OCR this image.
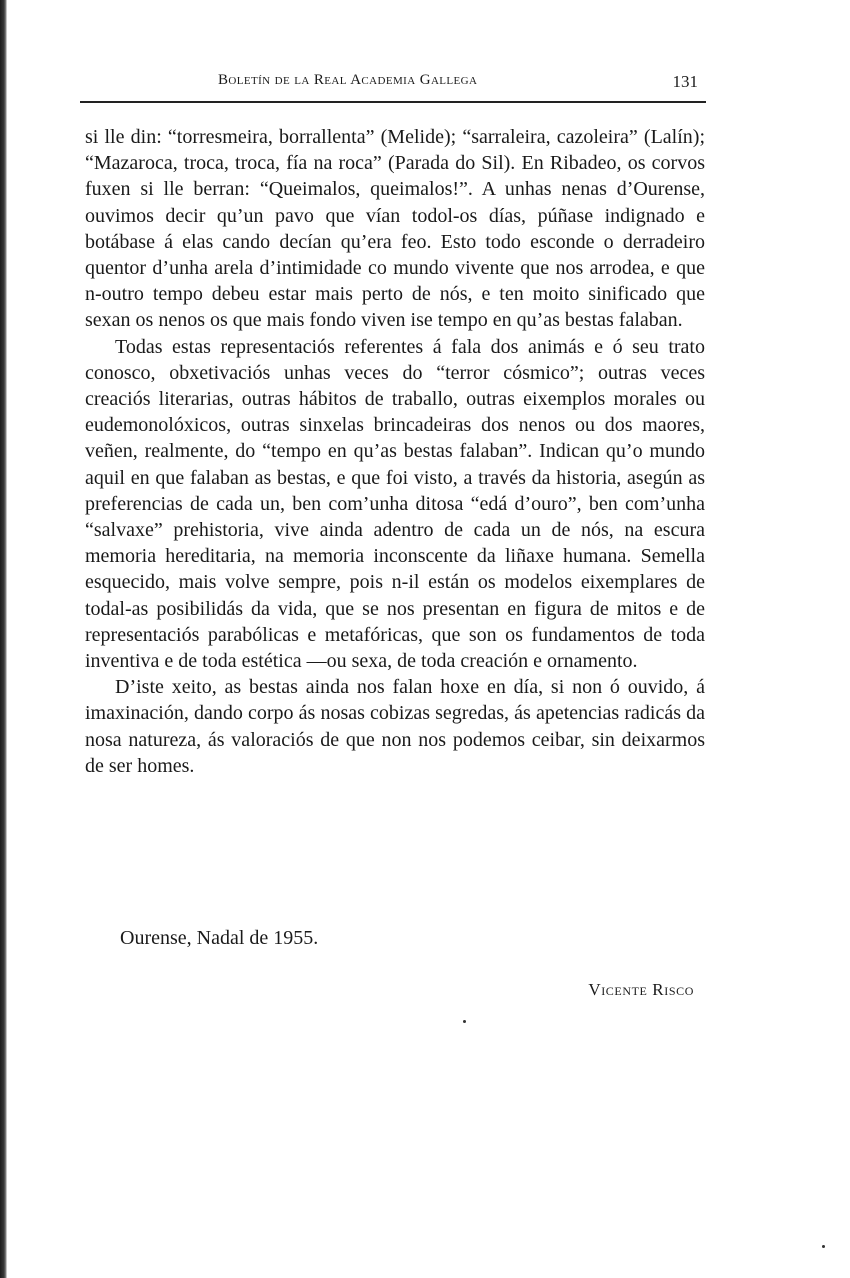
Boletín de la Real Academia Gallega	131

si lle din: “torresmeira, borrallenta” (Melide); “sarraleira, cazoleira” (Lalín); “Mazaroca, troca, troca, fía na roca” (Parada do Sil). En Ribadeo, os corvos fuxen si lle berran: “Queimalos, queimalos!”. A unhas nenas d’Ourense, ouvimos decir qu’un pavo que vían todol-os días, púñase indignado e botábase á elas cando decían qu’era feo. Esto todo esconde o derradeiro quentor d’unha arela d’intimidade co mundo vivente que nos arrodea, e que n-outro tempo debeu estar mais perto de nós, e ten moito sinificado que sexan os nenos os que mais fondo viven ise tempo en qu’as bestas falaban.

Todas estas representaciós referentes á fala dos animás e ó seu trato conosco, obxetivaciós unhas veces do “terror cósmico”; outras veces creaciós literarias, outras hábitos de traballo, outras eixemplos morales ou eudemonolóxicos, outras sinxelas brincadeiras dos nenos ou dos maores, veñen, realmente, do “tempo en qu’as bestas falaban”. Indican qu’o mundo aquil en que falaban as bestas, e que foi visto, a través da historia, asegún as preferencias de cada un, ben com’unha ditosa “edá d’ouro”, ben com’unha “salvaxe” prehistoria, vive ainda adentro de cada un de nós, na escura memoria hereditaria, na memoria inconscente da liñaxe humana. Semella esquecido, mais volve sempre, pois n-il están os modelos eixemplares de todal-as posibilidás da vida, que se nos presentan en figura de mitos e de representaciós parabólicas e metafóricas, que son os fundamentos de toda inventiva e de toda estética —ou sexa, de toda creación e ornamento.

D’iste xeito, as bestas ainda nos falan hoxe en día, si non ó ouvido, á imaxinación, dando corpo ás nosas cobizas segredas, ás apetencias radicás da nosa natureza, ás valoraciós de que non nos podemos ceibar, sin deixarmos de ser homes.

Ourense, Nadal de 1955.
Vicente Risco
